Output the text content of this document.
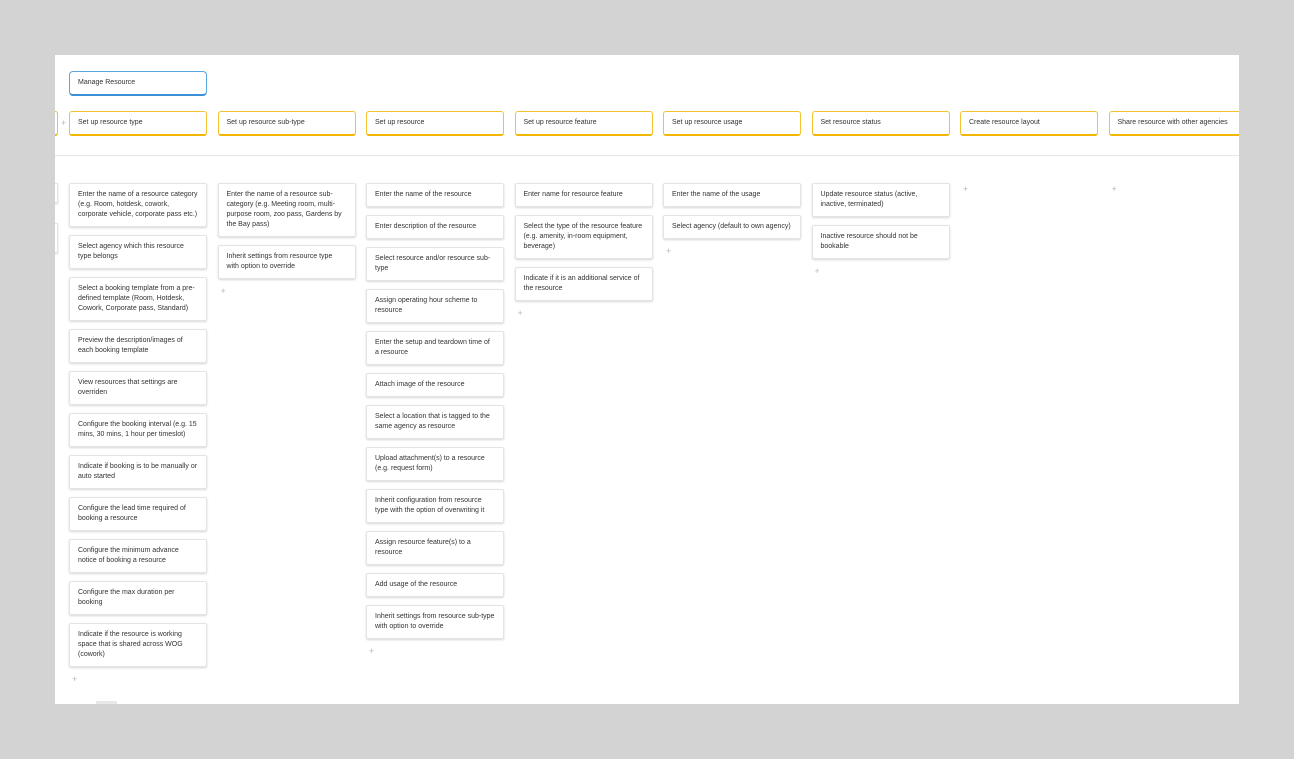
Manage Resource
+	Set up resource type	Set up resource sub-type	Set up resource	Set up resource feature	Set up resource usage	Set resource status	Create resource layout	Share resource with other agencies
Enter the name of a resource category (e.g. Room, hotdesk, cowork, corporate vehicle, corporate pass etc.)
Select agency which this resource type belongs
Select a booking template from a pre-defined template (Room, Hotdesk, Cowork, Corporate pass, Standard)
Preview the description/images of each booking template
View resources that settings are overriden
Configure the booking interval (e.g. 15 mins, 30 mins, 1 hour per timeslot)
Indicate if booking is to be manually or auto started
Configure the lead time required of booking a resource
Configure the minimum advance notice of booking a resource
Configure the max duration per booking
Indicate if the resource is working space that is shared across WOG (cowork)
+
Enter the name of a resource sub-category (e.g. Meeting room, multi-purpose room, zoo pass, Gardens by the Bay pass)
Inherit settings from resource type with option to override
+
Enter the name of the resource
Enter description of the resource
Select resource and/or resource sub-type
Assign operating hour scheme to resource
Enter the setup and teardown time of a resource
Attach image of the resource
Select a location that is tagged to the same agency as resource
Upload attachment(s) to a resource (e.g. request form)
Inherit configuration from resource type with the option of overwriting it
Assign resource feature(s) to a resource
Add usage of the resource
Inherit settings from resource sub-type with option to override
+
Enter name for resource feature
Select the type of the resource feature (e.g. amenity, in-room equipment, beverage)
Indicate if it is an additional service of the resource
+
Enter the name of the usage
Select agency (default to own agency)
+
Update resource status (active, inactive, terminated)
Inactive resource should not be bookable
+
+	+
